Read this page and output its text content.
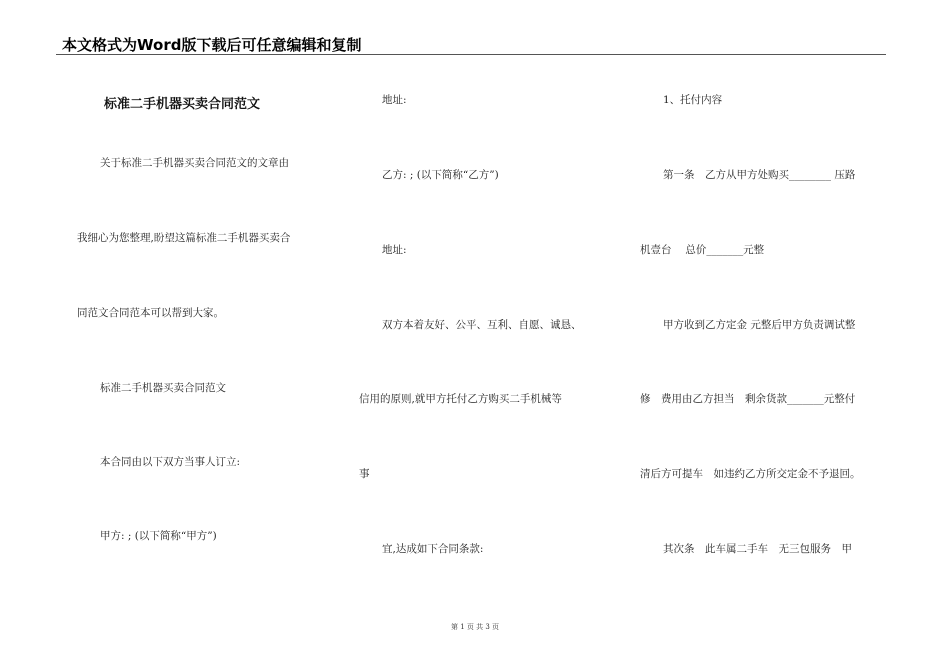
本文格式为Word版下载后可任意编辑和复制
标准二手机器买卖合同范文
关于标准二手机器买卖合同范文的文章由
我细心为您整理,盼望这篇标准二手机器买卖合
同范文合同范本可以帮到大家。
标准二手机器买卖合同范文
本合同由以下双方当事人订立:
甲方: ; (以下简称“甲方”)
地址:
乙方: ; (以下简称“乙方”)
地址:
双方本着友好、公平、互利、自愿、诚恳、
信用的原则,就甲方托付乙方购买二手机械等
事
宜,达成如下合同条款:
1、托付内容
第一条　乙方从甲方处购买________ 压路
机壹台　 总价_______元整
甲方收到乙方定金 元整后甲方负责调试整
修　费用由乙方担当　剩余货款_______元整付
清后方可提车　如违约乙方所交定金不予退回。
其次条　此车属二手车　无三包服务　甲
第 1 页 共 3 页
